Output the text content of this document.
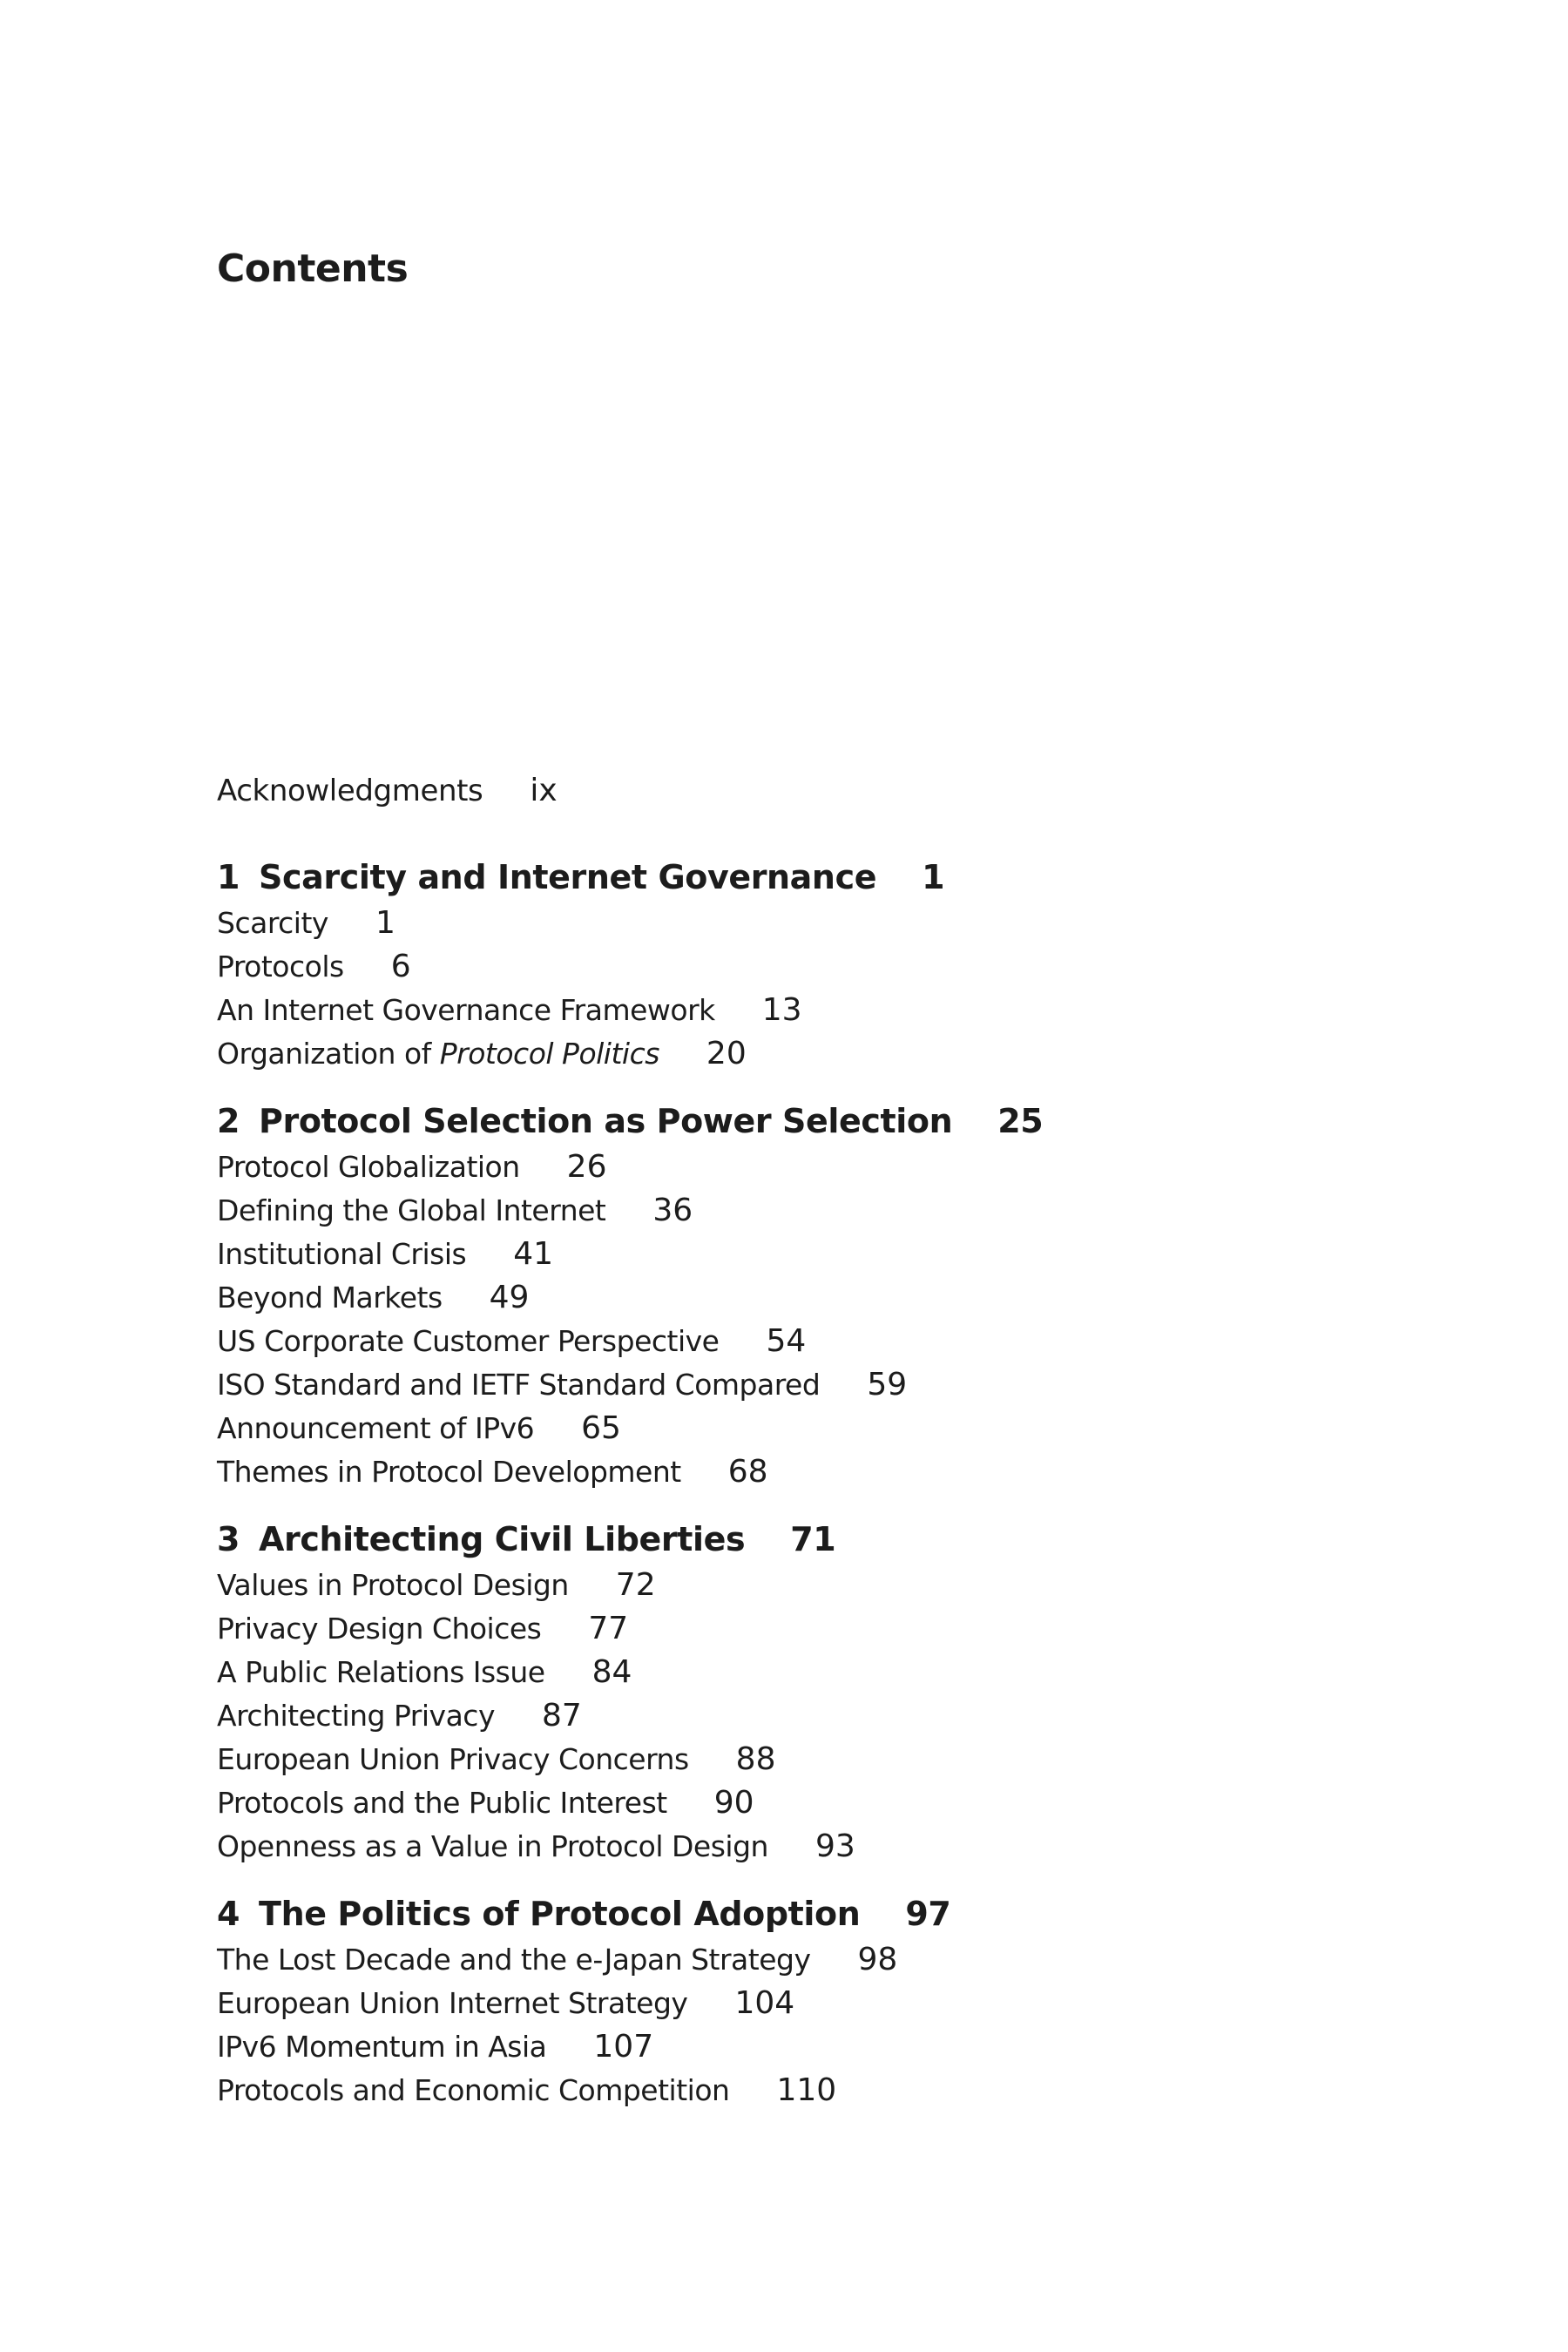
Contents
Acknowledgments ix
1 Scarcity and Internet Governance 1
Scarcity 1
Protocols 6
An Internet Governance Framework 13
Organization of Protocol Politics 20
2 Protocol Selection as Power Selection 25
Protocol Globalization 26
Defining the Global Internet 36
Institutional Crisis 41
Beyond Markets 49
US Corporate Customer Perspective 54
ISO Standard and IETF Standard Compared 59
Announcement of IPv6 65
Themes in Protocol Development 68
3 Architecting Civil Liberties 71
Values in Protocol Design 72
Privacy Design Choices 77
A Public Relations Issue 84
Architecting Privacy 87
European Union Privacy Concerns 88
Protocols and the Public Interest 90
Openness as a Value in Protocol Design 93
4 The Politics of Protocol Adoption 97
The Lost Decade and the e-Japan Strategy 98
European Union Internet Strategy 104
IPv6 Momentum in Asia 107
Protocols and Economic Competition 110
